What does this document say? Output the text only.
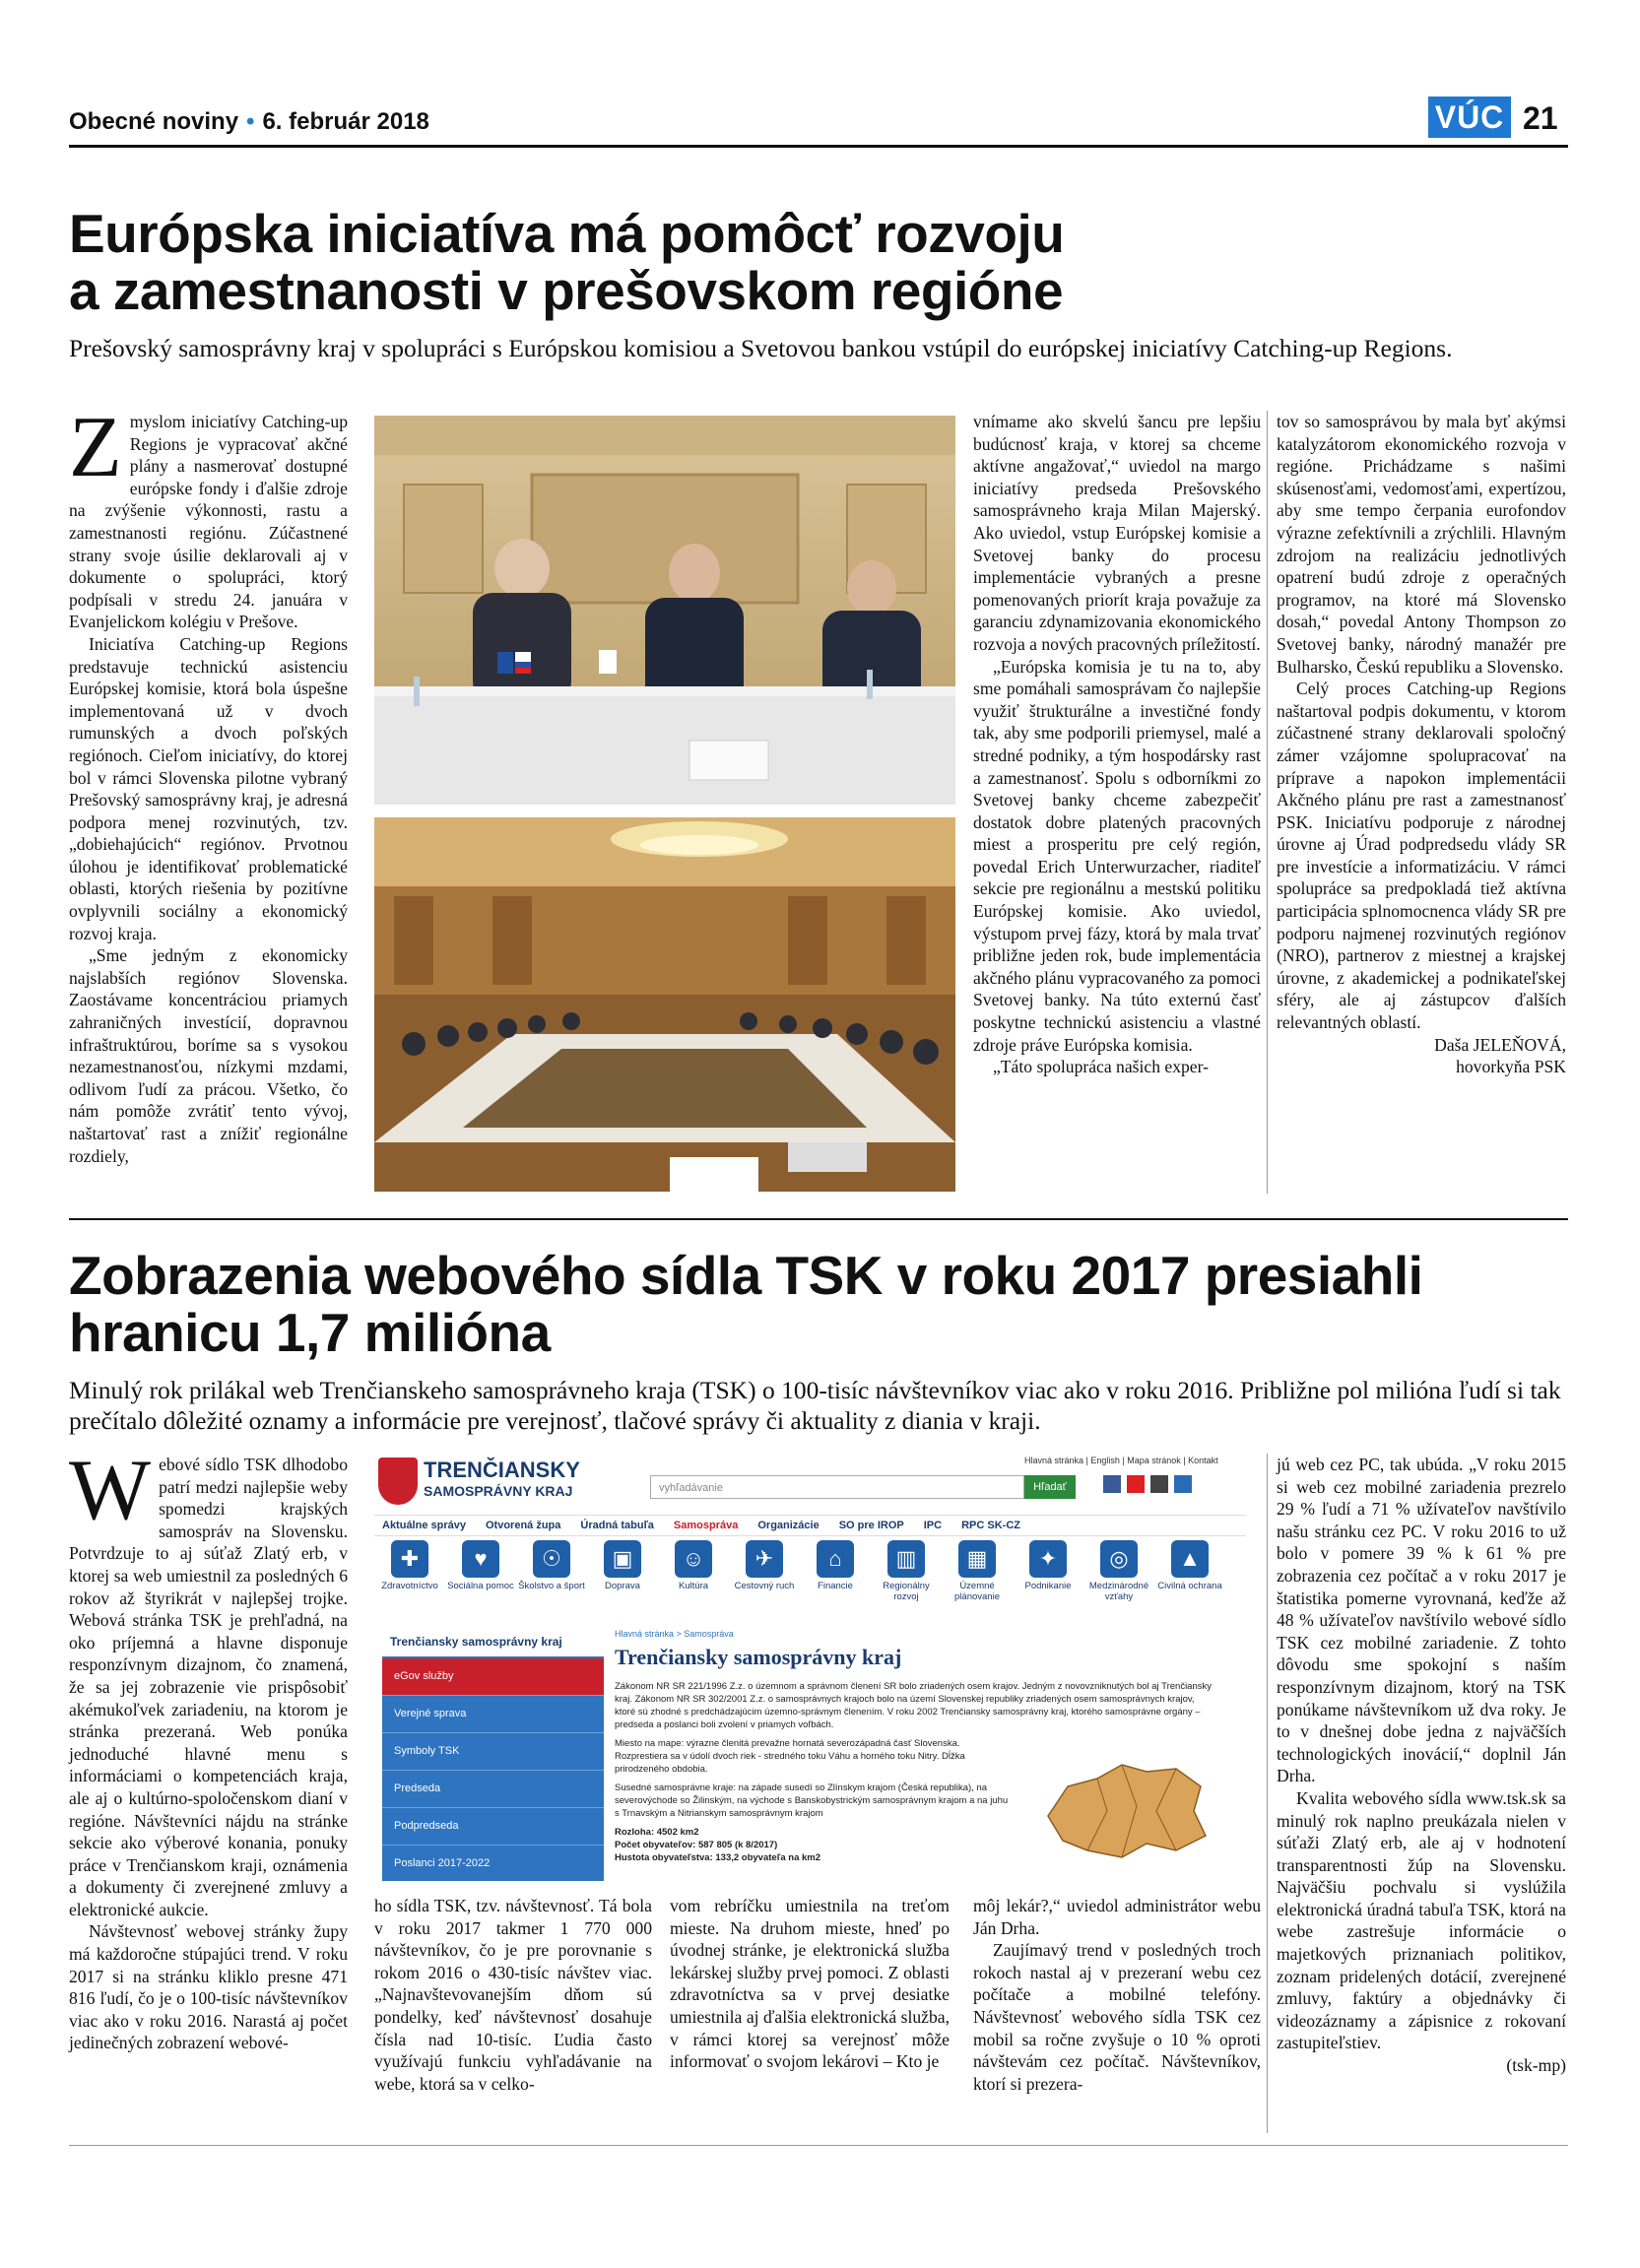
Obecné noviny • 6. február 2018	VÚC 21
Európska iniciatíva má pomôcť rozvoju
a zamestnanosti v prešovskom regióne

Prešovský samosprávny kraj v spolupráci s Európskou komisiou a Svetovou bankou vstúpil do európskej iniciatívy Catching-up Regions.

Zmyslom iniciatívy Catching-up Regions je vypracovať akčné plány a nasmerovať dostupné európske fondy i ďalšie zdroje na zvýšenie výkonnosti, rastu a zamestnanosti regiónu. Zúčastnené strany svoje úsilie deklarovali aj v dokumente o spolupráci, ktorý podpísali v stredu 24. januára v Evanjelickom kolégiu v Prešove.

Iniciatíva Catching-up Regions predstavuje technickú asistenciu Európskej komisie, ktorá bola úspešne implementovaná už v dvoch rumunských a dvoch poľských regiónoch. Cieľom iniciatívy, do ktorej bol v rámci Slovenska pilotne vybraný Prešovský samosprávny kraj, je adresná podpora menej rozvinutých, tzv. „dobiehajúcich“ regiónov. Prvotnou úlohou je identifikovať problematické oblasti, ktorých riešenia by pozitívne ovplyvnili sociálny a ekonomický rozvoj kraja.

„Sme jedným z ekonomicky najslabších regiónov Slovenska. Zaostávame koncentráciou priamych zahraničných investícií, dopravnou infraštruktúrou, boríme sa s vysokou nezamestnanosťou, nízkymi mzdami, odlivom ľudí za prácou. Všetko, čo nám pomôže zvrátiť tento vývoj, naštartovať rast a znížiť regionálne rozdiely,

vnímame ako skvelú šancu pre lepšiu budúcnosť kraja, v ktorej sa chceme aktívne angažovať,“ uviedol na margo iniciatívy predseda Prešovského samosprávneho kraja Milan Majerský. Ako uviedol, vstup Európskej komisie a Svetovej banky do procesu implementácie vybraných a presne pomenovaných priorít kraja považuje za garanciu zdynamizovania ekonomického rozvoja a nových pracovných príležitostí.

„Európska komisia je tu na to, aby sme pomáhali samosprávam čo najlepšie využiť štrukturálne a investičné fondy tak, aby sme podporili priemysel, malé a stredné podniky, a tým hospodársky rast a zamestnanosť. Spolu s odborníkmi zo Svetovej banky chceme zabezpečiť dostatok dobre platených pracovných miest a prosperitu pre celý región, povedal Erich Unterwurzacher, riaditeľ sekcie pre regionálnu a mestskú politiku Európskej komisie. Ako uviedol, výstupom prvej fázy, ktorá by mala trvať približne jeden rok, bude implementácia akčného plánu vypracovaného za pomoci Svetovej banky. Na túto externú časť poskytne technickú asistenciu a vlastné zdroje práve Európska komisia.

„Táto spolupráca našich exper-

tov so samosprávou by mala byť akýmsi katalyzátorom ekonomického rozvoja v regióne. Prichádzame s našimi skúsenosťami, vedomosťami, expertízou, aby sme tempo čerpania eurofondov výrazne zefektívnili a zrýchlili. Hlavným zdrojom na realizáciu jednotlivých opatrení budú zdroje z operačných programov, na ktoré má Slovensko dosah,“ povedal Antony Thompson zo Svetovej banky, národný manažér pre Bulharsko, Českú republiku a Slovensko.

Celý proces Catching-up Regions naštartoval podpis dokumentu, v ktorom zúčastnené strany deklarovali spoločný zámer vzájomne spolupracovať na príprave a napokon implementácii Akčného plánu pre rast a zamestnanosť PSK. Iniciatívu podporuje z národnej úrovne aj Úrad podpredsedu vlády SR pre investície a informatizáciu. V rámci spolupráce sa predpokladá tiež aktívna participácia splnomocnenca vlády SR pre podporu najmenej rozvinutých regiónov (NRO), partnerov z miestnej a krajskej úrovne, z akademickej a podnikateľskej sféry, ale aj zástupcov ďalších relevantných oblastí.

Daša JELEŇOVÁ,

hovorkyňa PSK

Zobrazenia webového sídla TSK v roku 2017 presiahli
hranicu 1,7 milióna

Minulý rok prilákal web Trenčianskeho samosprávneho kraja (TSK) o 100-tisíc návštevníkov viac ako v roku 2016. Približne pol milióna ľudí si tak prečítalo dôležité oznamy a informácie pre verejnosť, tlačové správy či aktuality z diania v kraji.

Webové sídlo TSK dlhodobo patrí medzi najlepšie weby spomedzi krajských samospráv na Slovensku. Potvrdzuje to aj súťaž Zlatý erb, v ktorej sa web umiestnil za posledných 6 rokov až štyrikrát v najlepšej trojke. Webová stránka TSK je prehľadná, na oko príjemná a hlavne disponuje responzívnym dizajnom, čo znamená, že sa jej zobrazenie vie prispôsobiť akémukoľvek zariadeniu, na ktorom je stránka prezeraná. Web ponúka jednoduché hlavné menu s informáciami o kompetenciách kraja, ale aj o kultúrno-spoločenskom dianí v regióne. Návštevníci nájdu na stránke sekcie ako výberové konania, ponuky práce v Trenčianskom kraji, oznámenia a dokumenty či zverejnené zmluvy a elektronické aukcie.

Návštevnosť webovej stránky župy má každoročne stúpajúci trend. V roku 2017 si na stránku kliklo presne 471 816 ľudí, čo je o 100-tisíc návštevníkov viac ako v roku 2016. Narastá aj počet jedinečných zobrazení webové-

TRENČIANSKY
SAMOSPRÁVNY KRAJ	vyhľadávanie	Hľadať
Hlavná stránka | English | Mapa stránok | Kontakt
Aktuálne správy Otvorená župa Úradná tabuľa Samospráva Organizácie SO pre IROP IPC RPC SK-CZ
✚
Zdravotníctvo
♥
Sociálna pomoc
☉
Školstvo a šport
▣
Doprava
☺
Kultúra
✈
Cestovný ruch
⌂
Financie
▥
Regionálny rozvoj
▦
Územné plánovanie
✦
Podnikanie
◎
Medzinárodné vzťahy
▲
Civilná ochrana
Trenčiansky samosprávny kraj
eGov služby
Verejné sprava
Symboly TSK
Predseda
Podpredseda
Poslanci 2017-2022
Hlavná stránka > Samospráva
Trenčiansky samosprávny kraj
Zákonom NR SR 221/1996 Z.z. o územnom a správnom členení SR bolo zriadených osem krajov. Jedným z novovzniknutých bol aj Trenčiansky kraj. Zákonom NR SR 302/2001 Z.z. o samosprávnych krajoch bolo na území Slovenskej republiky zriadených osem samosprávnych krajov, ktoré sú zhodné s predchádzajúcim územno-správnym členením. V roku 2002 Trenčiansky samosprávny kraj, ktorého samosprávne orgány – predseda a poslanci boli zvolení v priamych voľbách.
Miesto na mape: výrazne členitá prevažne hornatá severozápadná časť Slovenska. Rozprestiera sa v údolí dvoch riek - stredného toku Váhu a horného toku Nitry. Dĺžka prirodzeného obdobia.
Susedné samosprávne kraje: na západe susedí so Zlínskym krajom (Česká republika), na severovýchode so Žilinským, na východe s Banskobystrickým samosprávnym krajom a na juhu s Trnavským a Nitrianskym samosprávnym krajom
Rozloha: 4502 km2
Počet obyvateľov: 587 805 (k 8/2017)
Hustota obyvateľstva: 133,2 obyvateľa na km2

ho sídla TSK, tzv. návštevnosť. Tá bola v roku 2017 takmer 1 770 000 návštevníkov, čo je pre porovnanie s rokom 2016 o 430-tisíc návštev viac. „Najnavštevovanejším dňom sú pondelky, keď návštevnosť dosahuje čísla nad 10-tisíc. Ľudia často využívajú funkciu vyhľadávanie na webe, ktorá sa v celko-

vom rebríčku umiestnila na treťom mieste. Na druhom mieste, hneď po úvodnej stránke, je elektronická služba lekárskej služby prvej pomoci. Z oblasti zdravotníctva sa v prvej desiatke umiestnila aj ďalšia elektronická služba, v rámci ktorej sa verejnosť môže informovať o svojom lekárovi – Kto je

môj lekár?,“ uviedol administrátor webu Ján Drha.

Zaujímavý trend v posledných troch rokoch nastal aj v prezeraní webu cez počítače a mobilné telefóny. Návštevnosť webového sídla TSK cez mobil sa ročne zvyšuje o 10 % oproti návštevám cez počítač. Návštevníkov, ktorí si prezera-

jú web cez PC, tak ubúda. „V roku 2015 si web cez mobilné zariadenia prezrelo 29 % ľudí a 71 % užívateľov navštívilo našu stránku cez PC. V roku 2016 to už bolo v pomere 39 % k 61 % pre zobrazenia cez počítač a v roku 2017 je štatistika pomerne vyrovnaná, keďže až 48 % užívateľov navštívilo webové sídlo TSK cez mobilné zariadenie. Z tohto dôvodu sme spokojní s naším responzívnym dizajnom, ktorý na TSK ponúkame návštevníkom už dva roky. Je to v dnešnej dobe jedna z najväčších technologických inovácií,“ doplnil Ján Drha.

Kvalita webového sídla www.tsk.sk sa minulý rok naplno preukázala nielen v súťaži Zlatý erb, ale aj v hodnotení transparentnosti žúp na Slovensku. Najväčšiu pochvalu si vyslúžila elektronická úradná tabuľa TSK, ktorá na webe zastrešuje informácie o majetkových priznaniach politikov, zoznam pridelených dotácií, zverejnené zmluvy, faktúry a objednávky či videozáznamy a zápisnice z rokovaní zastupiteľstiev.

(tsk-mp)
